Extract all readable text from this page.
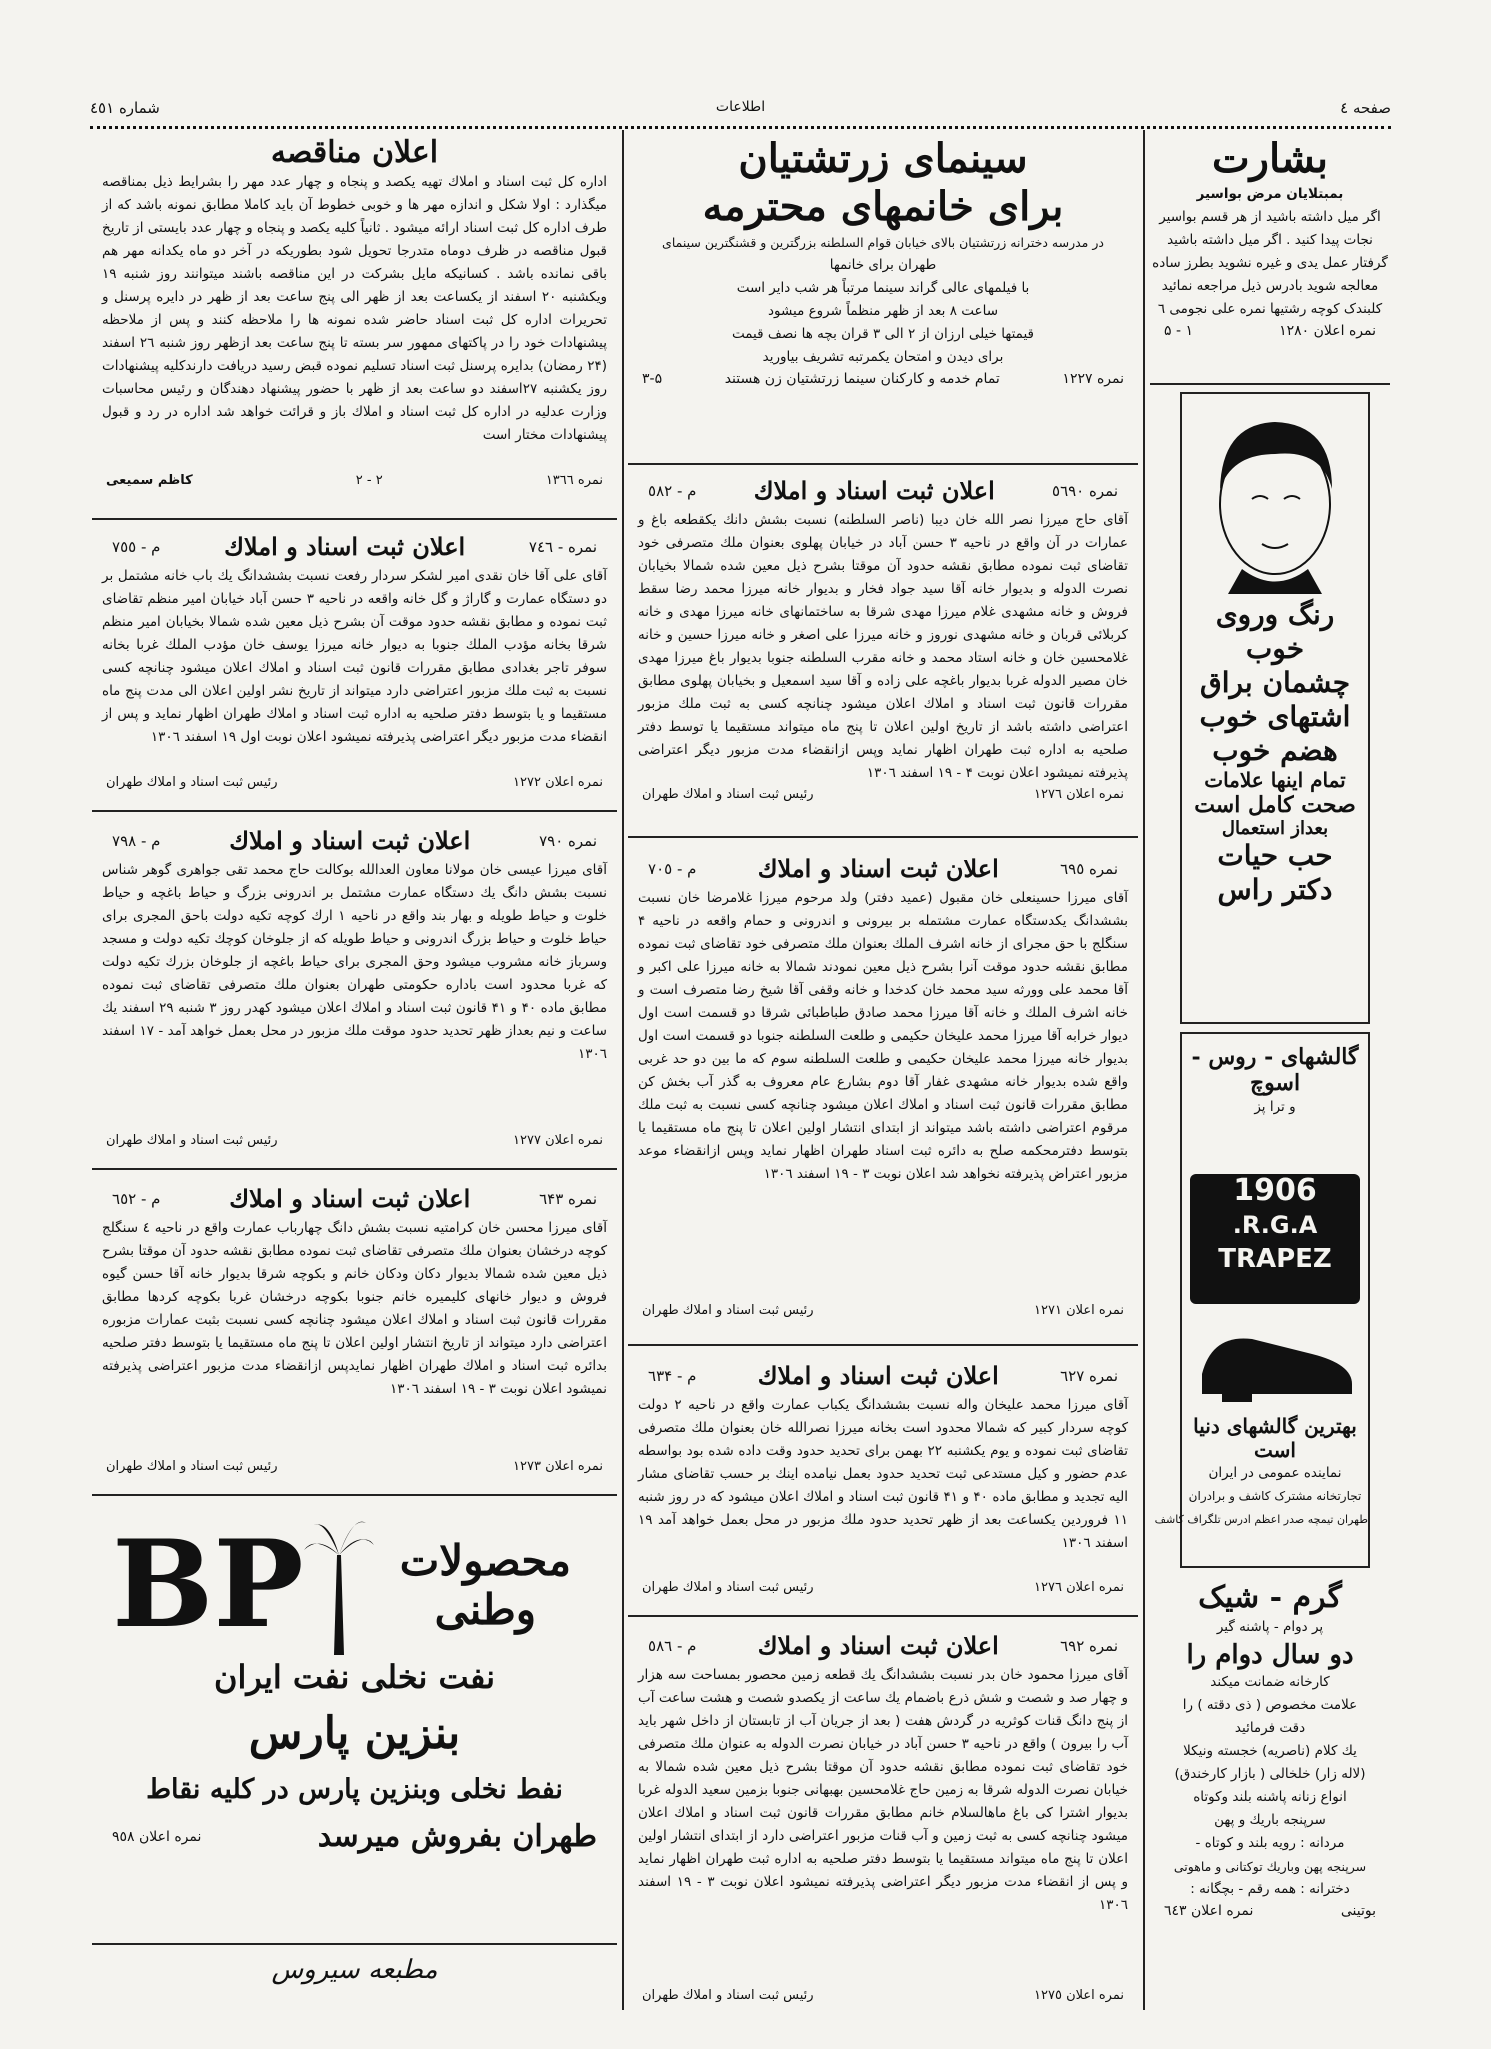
صفحه ٤
اطلاعات
شماره ٤٥١
بشارت
بمبتلایان مرض بواسیر
اگر میل داشته باشید از هر قسم بواسیر
نجات پیدا کنید . اگر میل داشته باشید
گرفتار عمل یدی و غیره نشوید بطرز ساده
معالجه شوید بادرس ذیل مراجعه نمائید
کلبندک کوچه رشتیها نمره علی نجومی ٦
نمره اعلان ۱۲۸۰
۱ - ۵
رنگ وروی خوب
چشمان براق
اشتهای خوب
هضم خوب
تمام اینها علامات
صحت کامل است
بعداز استعمال
حب حیات
دکتر راس
گالشهای - روس - اسوچ
و ترا پز
1906
R.G.A.
TRAPEZ
بهترین گالشهای دنیا است
نماینده عمومی در ایران
تجارتخانه مشترک کاشف و برادران
طهران تیمچه صدر اعظم ادرس تلگراف کاشف
گرم - شیک
پر دوام - پاشنه گیر
دو سال دوام را
کارخانه ضمانت میکند
علامت مخصوص ( ذی دقته ) را
دقت فرمائید
یك کلام (ناصریه) خجسته ونیکلا
(لاله زار) خلخالی ( بازار کارخندق)
انواع زنانه پاشنه بلند وکوتاه
سرپنجه باریك و پهن
مردانه : رویه بلند و کوتاه -
سرپنجه پهن وباریك توکتانی و ماهوتی
دخترانه : همه رقم - بچگانه :
بوتینی
نمره اعلان ٦٤٣
سینمای زرتشتیان
برای خانمهای محترمه
در مدرسه دخترانه زرتشتیان بالای خیابان قوام السلطنه بزرگترین و قشنگترین سینمای
طهران برای خانمها
با فیلمهای عالی گراند سینما مرتباً هر شب دایر است
ساعت ۸ بعد از ظهر منظماً شروع میشود
قیمتها خیلی ارزان از ۲ الی ۳ قران بچه ها نصف قیمت
برای دیدن و امتحان یکمرتبه تشریف بیاورید
نمره ۱۲۲۷
تمام خدمه و کارکنان سینما زرتشتیان زن هستند
۳-۵
نمره ٥٦٩٠
اعلان ثبت اسناد و املاك
م - ٥٨٢
آقای حاج میرزا نصر الله خان دیبا (ناصر السلطنه) نسبت بشش دانك یکقطعه باغ و عمارات در آن واقع در ناحیه ۳ حسن آباد در خیابان پهلوی بعنوان ملك متصرفی خود تقاضای ثبت نموده مطابق نقشه حدود آن موقتا بشرح ذیل معین شده شمالا بخیابان نصرت الدوله و بدیوار خانه آقا سید جواد فخار و بدیوار خانه میرزا محمد رضا سقط فروش و خانه مشهدی غلام میرزا مهدی شرقا به ساختمانهای خانه میرزا مهدی و خانه کربلائی قربان و خانه مشهدی نوروز و خانه میرزا علی اصغر و خانه میرزا حسین و خانه غلامحسین خان و خانه استاد محمد و خانه مقرب السلطنه جنوبا بدیوار باغ میرزا مهدی خان مصیر الدوله غربا بدیوار باغچه علی زاده و آقا سید اسمعیل و بخیابان پهلوی مطابق مقررات قانون ثبت اسناد و املاك اعلان میشود چنانچه کسی به ثبت ملك مزبور اعتراضی داشته باشد از تاریخ اولین اعلان تا پنج ماه میتواند مستقیما یا توسط دفتر صلحیه به اداره ثبت طهران اظهار نماید وپس ازانقضاء مدت مزبور دیگر اعتراضی پذیرفته نمیشود اعلان نوبت ۴ - ۱۹ اسفند ۱۳۰٦
نمره اعلان ۱۲۷٦
رئیس ثبت اسناد و املاك طهران
نمره ٦۹٥
اعلان ثبت اسناد و املاك
م - ٧٠٥
آقای میرزا حسینعلی خان مقبول (عمید دفتر) ولد مرحوم میرزا غلامرضا خان نسبت بششدانگ یکدستگاه عمارت مشتمله بر بیرونی و اندرونی و حمام واقعه در ناحیه ۴ سنگلج با حق مجرای از خانه اشرف الملك بعنوان ملك متصرفی خود تقاضای ثبت نموده مطابق نقشه حدود موقت آنرا بشرح ذیل معین نمودند شمالا به خانه میرزا علی اکبر و آقا محمد علی وورثه سید محمد خان کدخدا و خانه وقفی آقا شیخ رضا متصرف است و خانه اشرف الملك و خانه آقا میرزا محمد صادق طباطبائی شرقا دو قسمت است اول دیوار خرابه آقا میرزا محمد علیخان حکیمی و طلعت السلطنه جنوبا دو قسمت است اول بدیوار خانه میرزا محمد علیخان حکیمی و طلعت السلطنه سوم که ما بین دو حد غربی واقع شده بدیوار خانه مشهدی غفار آقا دوم بشارع عام معروف به گذر آب بخش کن مطابق مقررات قانون ثبت اسناد و املاك اعلان میشود چنانچه کسی نسبت به ثبت ملك مرقوم اعتراضی داشته باشد میتواند از ابتدای انتشار اولین اعلان تا پنج ماه مستقیما یا بتوسط دفترمحکمه صلح به دائره ثبت اسناد طهران اظهار نماید وپس ازانقضاء موعد مزبور اعتراض پذیرفته نخواهد شد اعلان نوبت ۳ - ۱۹ اسفند ۱۳۰٦
نمره اعلان ۱۲۷۱
رئیس ثبت اسناد و املاك طهران
نمره ٦۲۷
اعلان ثبت اسناد و املاك
م - ٦۳۴
آقای میرزا محمد علیخان واله نسبت بششدانگ یکباب عمارت واقع در ناحیه ۲ دولت کوچه سردار کبیر که شمالا محدود است بخانه میرزا نصرالله خان بعنوان ملك متصرفی تقاضای ثبت نموده و یوم یکشنبه ۲۲ بهمن برای تحدید حدود وقت داده شده بود بواسطه عدم حضور و کیل مستدعی ثبت تحدید حدود بعمل نیامده اینك بر حسب تقاضای مشار الیه تجدید و مطابق ماده ۴۰ و ۴۱ قانون ثبت اسناد و املاك اعلان میشود که در روز شنبه ۱۱ فروردین یکساعت بعد از ظهر تحدید حدود ملك مزبور در محل بعمل خواهد آمد ۱۹ اسفند ۱۳۰٦
نمره اعلان ۱۲۷٦
رئیس ثبت اسناد و املاك طهران
نمره ٦۹۲
اعلان ثبت اسناد و املاك
م - ٥٨٦
آقای میرزا محمود خان بدر نسبت بششدانگ یك قطعه زمین محصور بمساحت سه هزار و چهار صد و شصت و شش ذرع باضمام یك ساعت از یکصدو شصت و هشت ساعت آب از پنج دانگ قنات کوثریه در گردش هفت ( بعد از جریان آب از تابستان از داخل شهر باید آب را بیرون ) واقع در ناحیه ۳ حسن آباد در خیابان نصرت الدوله به عنوان ملك متصرفی خود تقاضای ثبت نموده مطابق نقشه حدود آن موقتا بشرح ذیل معین شده شمالا به خیابان نصرت الدوله شرقا به زمین حاج غلامحسین بهبهانی جنوبا بزمین سعید الدوله غربا بدیوار اشترا کی باغ ماهالسلام خانم مطابق مقررات قانون ثبت اسناد و املاك اعلان میشود چنانچه کسی به ثبت زمین و آب قنات مزبور اعتراضی دارد از ابتدای انتشار اولین اعلان تا پنج ماه میتواند مستقیما یا بتوسط دفتر صلحیه به اداره ثبت طهران اظهار نماید و پس از انقضاء مدت مزبور دیگر اعتراضی پذیرفته نمیشود اعلان نوبت ۳ - ۱۹ اسفند ۱۳۰٦
نمره اعلان ۱۲۷٥
رئیس ثبت اسناد و املاك طهران
اعلان مناقصه
اداره کل ثبت اسناد و املاك تهیه یکصد و پنجاه و چهار عدد مهر را بشرایط ذیل بمناقصه میگذارد : اولا شکل و اندازه مهر ها و خوبی خطوط آن باید کاملا مطابق نمونه باشد که از طرف اداره کل ثبت اسناد ارائه میشود . ثانیاً کلیه یکصد و پنجاه و چهار عدد بایستی از تاریخ قبول مناقصه در ظرف دوماه متدرجا تحویل شود بطوریکه در آخر دو ماه یکدانه مهر هم باقی نمانده باشد . کسانیکه مایل بشرکت در این مناقصه باشند میتوانند روز شنبه ۱۹ ویکشنبه ۲۰ اسفند از یکساعت بعد از ظهر الی پنج ساعت بعد از ظهر در دایره پرسنل و تحریرات اداره کل ثبت اسناد حاضر شده نمونه ها را ملاحظه کنند و پس از ملاحظه پیشنهادات خود را در پاکتهای ممهور سر بسته تا پنج ساعت بعد ازظهر روز شنبه ۲٦ اسفند (۲۴ رمضان) بدایره پرسنل ثبت اسناد تسلیم نموده قبض رسید دریافت دارندکلیه پیشنهادات روز یکشنبه ۲۷اسفند دو ساعت بعد از ظهر با حضور پیشنهاد دهندگان و رئیس محاسبات وزارت عدلیه در اداره کل ثبت اسناد و املاك باز و قرائت خواهد شد اداره در رد و قبول پیشنهادات مختار است
نمره ۱۳٦٦
۲ - ۲
کاظم سمیعی
نمره - ٧٤٦
اعلان ثبت اسناد و املاك
م - ٧٥٥
آقای علی آقا خان نقدی امیر لشکر سردار رفعت نسبت بششدانگ یك باب خانه مشتمل بر دو دستگاه عمارت و گاراژ و گل خانه واقعه در ناحیه ۳ حسن آباد خیابان امیر منظم تقاضای ثبت نموده و مطابق نقشه حدود موقت آن بشرح ذیل معین شده شمالا بخیابان امیر منظم شرقا بخانه مؤدب الملك جنوبا به دیوار خانه میرزا یوسف خان مؤدب الملك غربا بخانه سوفر تاجر بغدادی مطابق مقررات قانون ثبت اسناد و املاك اعلان میشود چنانچه کسی نسبت به ثبت ملك مزبور اعتراضی دارد میتواند از تاریخ نشر اولین اعلان الی مدت پنج ماه مستقیما و یا بتوسط دفتر صلحیه به اداره ثبت اسناد و املاك طهران اظهار نماید و پس از انقضاء مدت مزبور دیگر اعتراضی پذیرفته نمیشود اعلان نوبت اول ۱۹ اسفند ۱۳۰٦
نمره اعلان ۱۲۷۲
رئیس ثبت اسناد و املاك طهران
نمره ٧۹٠
اعلان ثبت اسناد و املاك
م - ٧۹٨
آقای میرزا عیسی خان مولانا معاون العدالله بوکالت حاج محمد تقی جواهری گوهر شناس نسبت بشش دانگ یك دستگاه عمارت مشتمل بر اندرونی بزرگ و حیاط باغچه و حیاط خلوت و حیاط طویله و بهار بند واقع در ناحیه ۱ ارك کوچه تکیه دولت باحق المجری برای حیاط خلوت و حیاط بزرگ اندرونی و حیاط طویله که از جلوخان کوچك تکیه دولت و مسجد وسرباز خانه مشروب میشود وحق المجری برای حیاط باغچه از جلوخان بزرك تکیه دولت که غربا محدود است باداره حکومتی طهران بعنوان ملك متصرفی تقاضای ثبت نموده مطابق ماده ۴۰ و ۴۱ قانون ثبت اسناد و املاك اعلان میشود کهدر روز ۳ شنبه ۲۹ اسفند یك ساعت و نیم بعداز ظهر تحدید حدود موقت ملك مزبور در محل بعمل خواهد آمد - ۱٧ اسفند ۱۳۰٦
نمره اعلان ۱۲۷٧
رئیس ثبت اسناد و املاك طهران
نمره ٦۴۳
اعلان ثبت اسناد و املاك
م - ٦٥۲
آقای میرزا محسن خان کرامتیه نسبت بشش دانگ چهارباب عمارت واقع در ناحیه ٤ سنگلج کوچه درخشان بعنوان ملك متصرفی تقاضای ثبت نموده مطابق نقشه حدود آن موقتا بشرح ذیل معین شده شمالا بدیوار دکان ودکان خانم و بکوچه شرقا بدیوار خانه آقا حسن گیوه فروش و دیوار خانهای کلیمیره خانم جنوبا بکوچه درخشان غربا بکوچه کردها مطابق مقررات قانون ثبت اسناد و املاك اعلان میشود چنانچه کسی نسبت بثبت عمارات مزبوره اعتراضی دارد میتواند از تاریخ انتشار اولین اعلان تا پنج ماه مستقیما یا بتوسط دفتر صلحیه بدائره ثبت اسناد و املاك طهران اظهار نمایدپس ازانقضاء مدت مزبور اعتراضی پذیرفته نمیشود اعلان نوبت ۳ - ۱۹ اسفند ۱۳۰٦
نمره اعلان ۱۲۷۳
رئیس ثبت اسناد و املاك طهران
محصولات وطنی
BP
نفت نخلی نفت ایران
بنزین پارس
نفط نخلی وبنزین پارس در کلیه نقاط
طهران بفروش میرسد
نمره اعلان ۹٥٨
مطبعه سیروس
